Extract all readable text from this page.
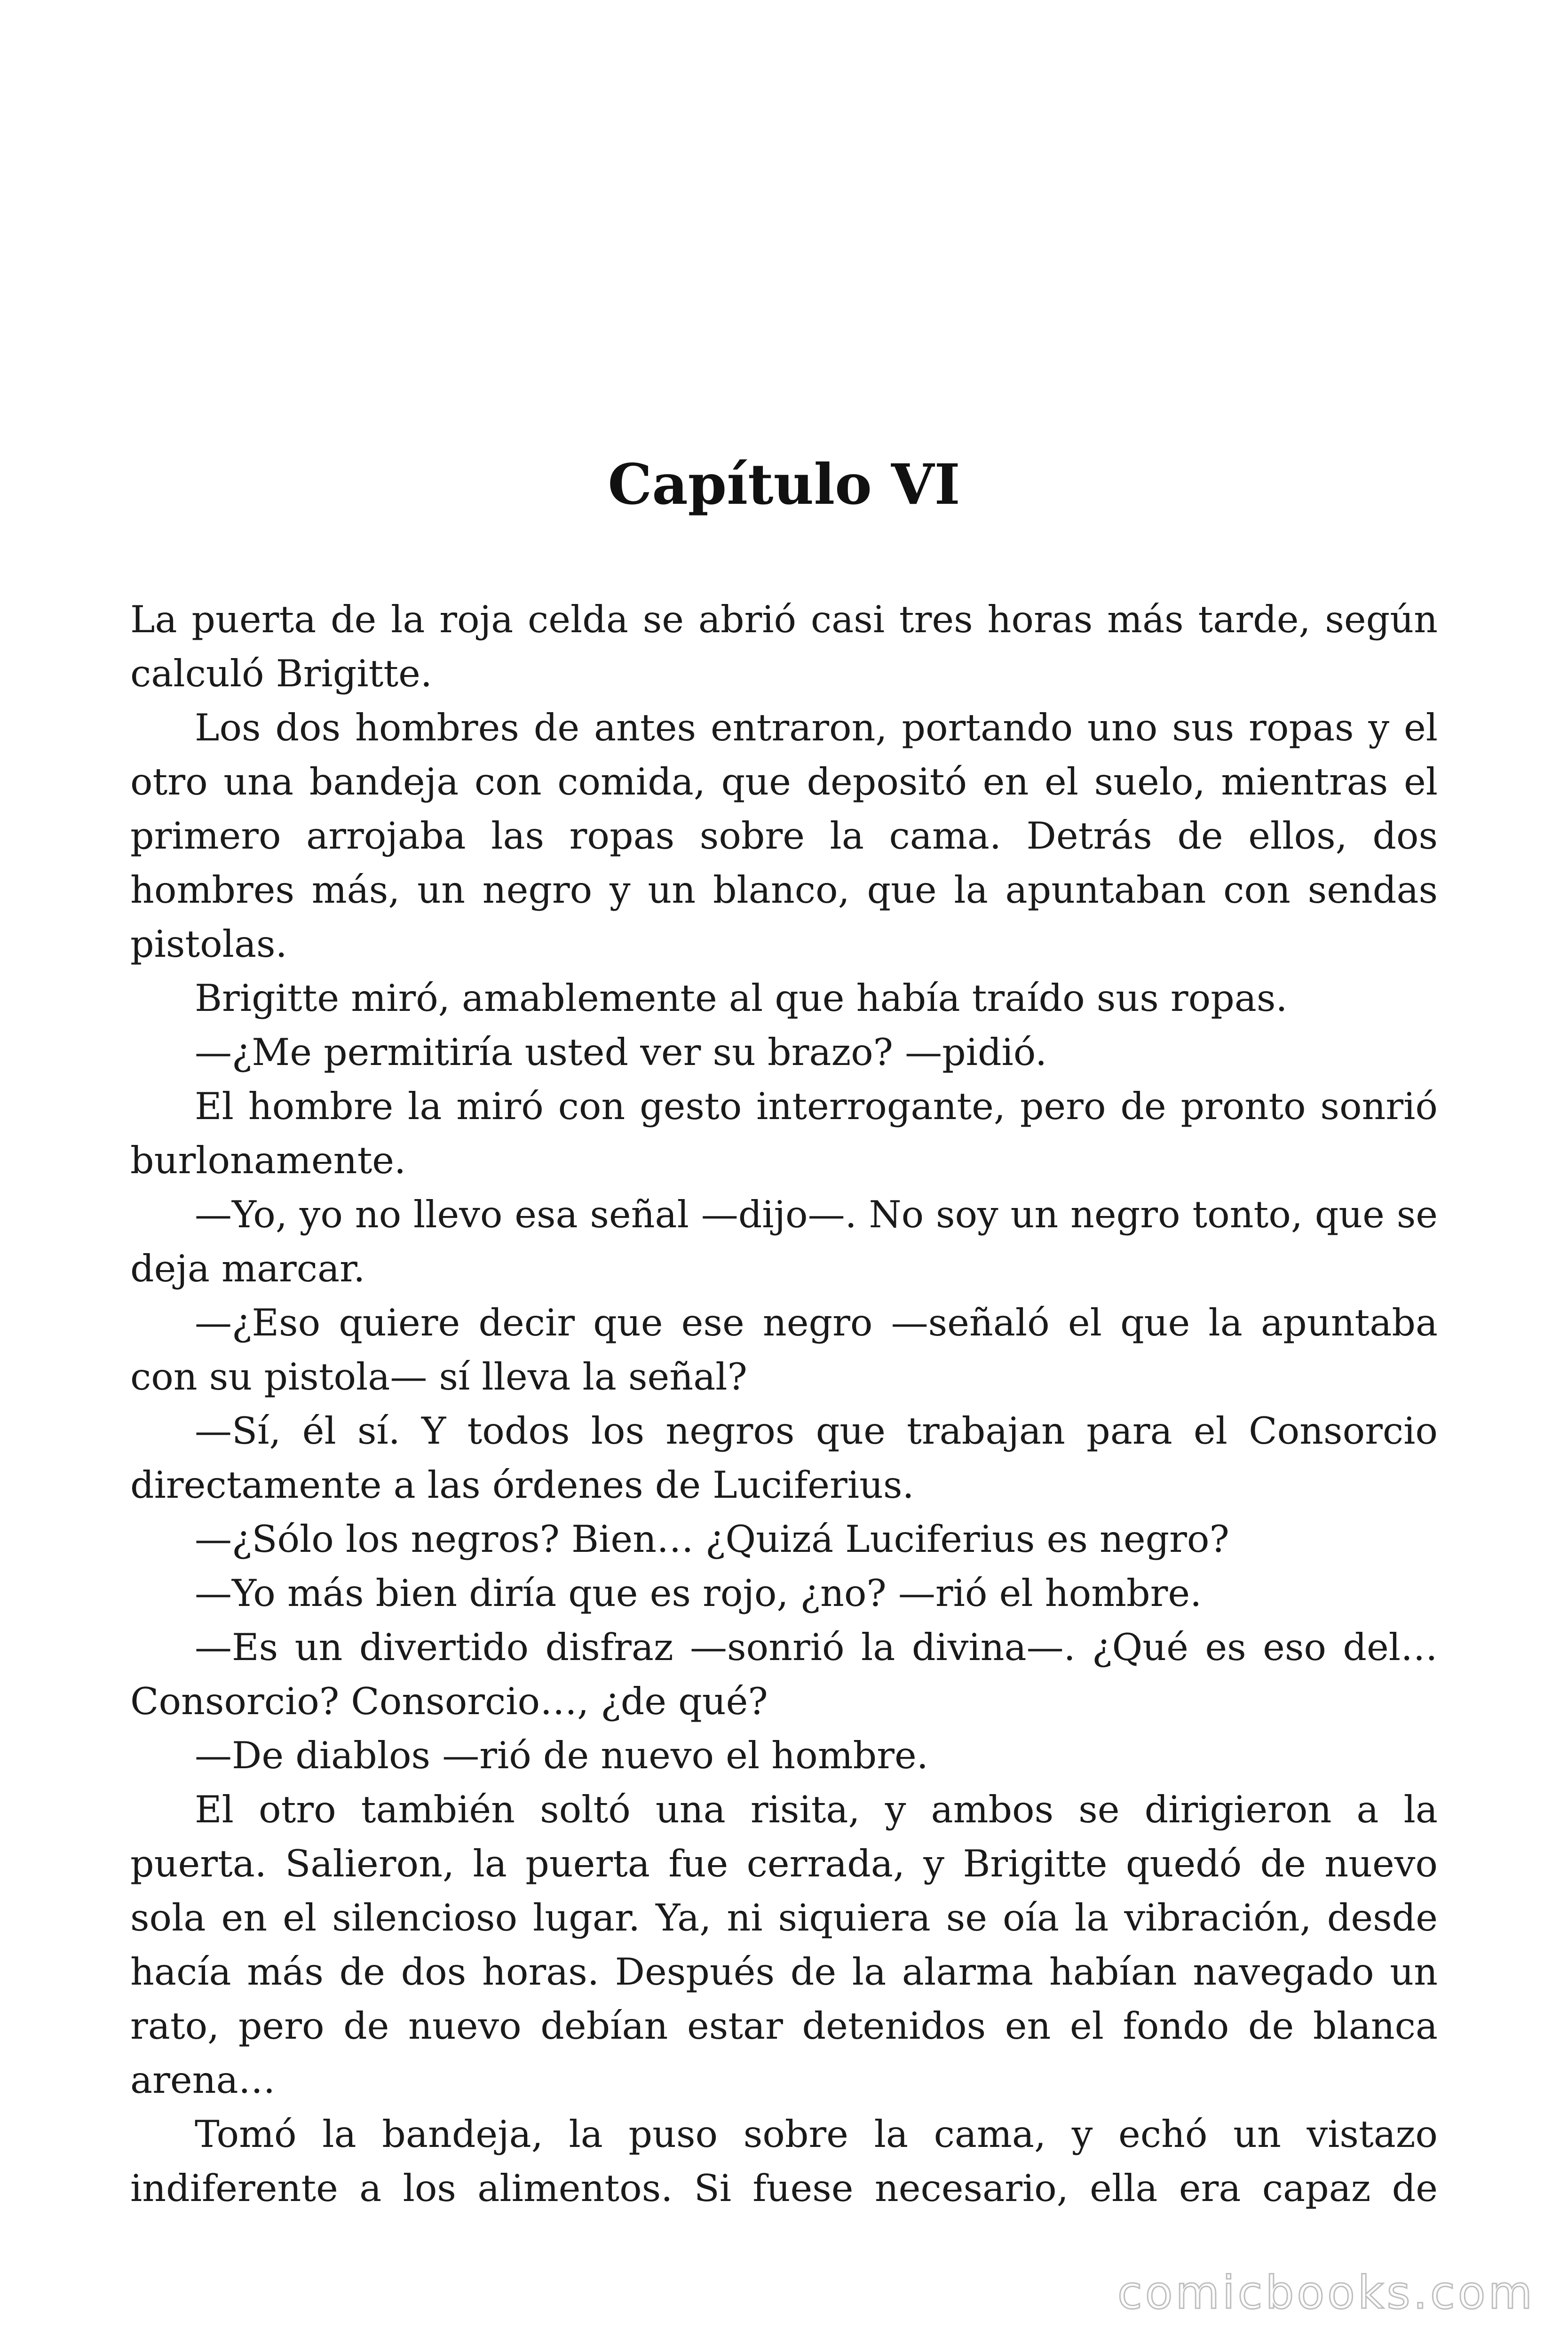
Capítulo VI

La puerta de la roja celda se abrió casi tres horas más tarde, según calculó Brigitte.

Los dos hombres de antes entraron, portando uno sus ropas y el otro una bandeja con comida, que depositó en el suelo, mientras el primero arrojaba las ropas sobre la cama. Detrás de ellos, dos hombres más, un negro y un blanco, que la apuntaban con sendas pistolas.

Brigitte miró, amablemente al que había traído sus ropas.

—¿Me permitiría usted ver su brazo? —pidió.

El hombre la miró con gesto interrogante, pero de pronto sonrió burlonamente.

—Yo, yo no llevo esa señal —dijo—. No soy un negro tonto, que se deja marcar.

—¿Eso quiere decir que ese negro —señaló el que la apuntaba con su pistola— sí lleva la señal?

—Sí, él sí. Y todos los negros que trabajan para el Consorcio directamente a las órdenes de Luciferius.

—¿Sólo los negros? Bien… ¿Quizá Luciferius es negro?

—Yo más bien diría que es rojo, ¿no? —rió el hombre.

—Es un divertido disfraz —sonrió la divina—. ¿Qué es eso del… Consorcio? Consorcio…, ¿de qué?

—De diablos —rió de nuevo el hombre.

El otro también soltó una risita, y ambos se dirigieron a la puerta. Salieron, la puerta fue cerrada, y Brigitte quedó de nuevo sola en el silencioso lugar. Ya, ni siquiera se oía la vibración, desde hacía más de dos horas. Después de la alarma habían navegado un rato, pero de nuevo debían estar detenidos en el fondo de blanca arena…

Tomó la bandeja, la puso sobre la cama, y echó un vistazo indiferente a los alimentos. Si fuese necesario, ella era capaz de

comicbooks.com
